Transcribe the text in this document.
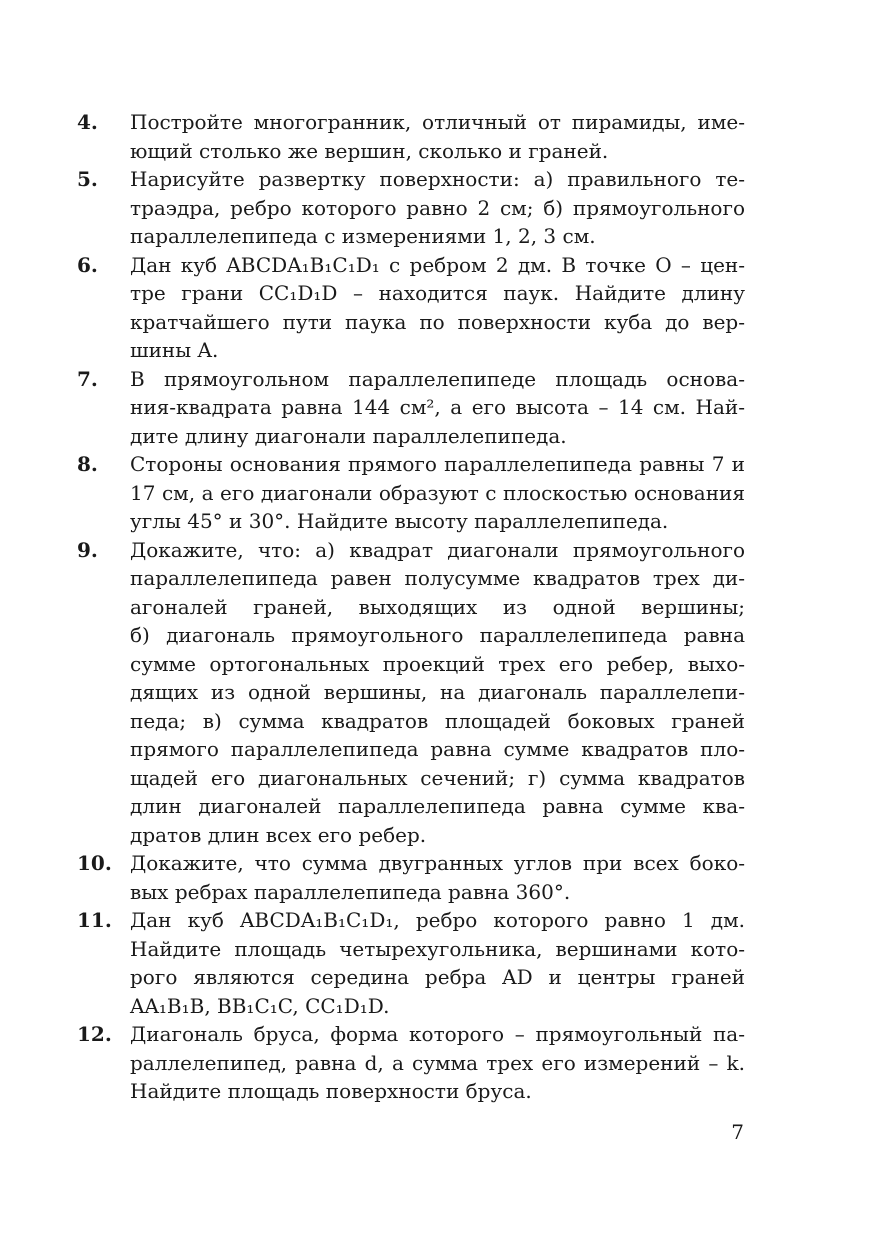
4. Постройте многогранник, отличный от пирамиды, име-
ющий столько же вершин, сколько и граней.
5. Нарисуйте развертку поверхности: а) правильного те-
траэдра, ребро которого равно 2 см; б) прямоугольного
параллелепипеда с измерениями 1, 2, 3 см.
6. Дан куб ABCDA₁B₁C₁D₁ с ребром 2 дм. В точке O – цен-
тре грани CC₁D₁D – находится паук. Найдите длину
кратчайшего пути паука по поверхности куба до вер-
шины A.
7. В прямоугольном параллелепипеде площадь основа-
ния-квадрата равна 144 см², а его высота – 14 см. Най-
дите длину диагонали параллелепипеда.
8. Стороны основания прямого параллелепипеда равны 7 и
17 см, а его диагонали образуют с плоскостью основания
углы 45° и 30°. Найдите высоту параллелепипеда.
9. Докажите, что: а) квадрат диагонали прямоугольного
параллелепипеда равен полусумме квадратов трех ди-
агоналей граней, выходящих из одной вершины;
б) диагональ прямоугольного параллелепипеда равна
сумме ортогональных проекций трех его ребер, выхо-
дящих из одной вершины, на диагональ параллелепи-
педа; в) сумма квадратов площадей боковых граней
прямого параллелепипеда равна сумме квадратов пло-
щадей его диагональных сечений; г) сумма квадратов
длин диагоналей параллелепипеда равна сумме ква-
дратов длин всех его ребер.
10. Докажите, что сумма двугранных углов при всех боко-
вых ребрах параллелепипеда равна 360°.
11. Дан куб ABCDA₁B₁C₁D₁, ребро которого равно 1 дм.
Найдите площадь четырехугольника, вершинами кото-
рого являются середина ребра AD и центры граней
AA₁B₁B, BB₁C₁C, CC₁D₁D.
12. Диагональ бруса, форма которого – прямоугольный па-
раллелепипед, равна d, а сумма трех его измерений – k.
Найдите площадь поверхности бруса.
7
